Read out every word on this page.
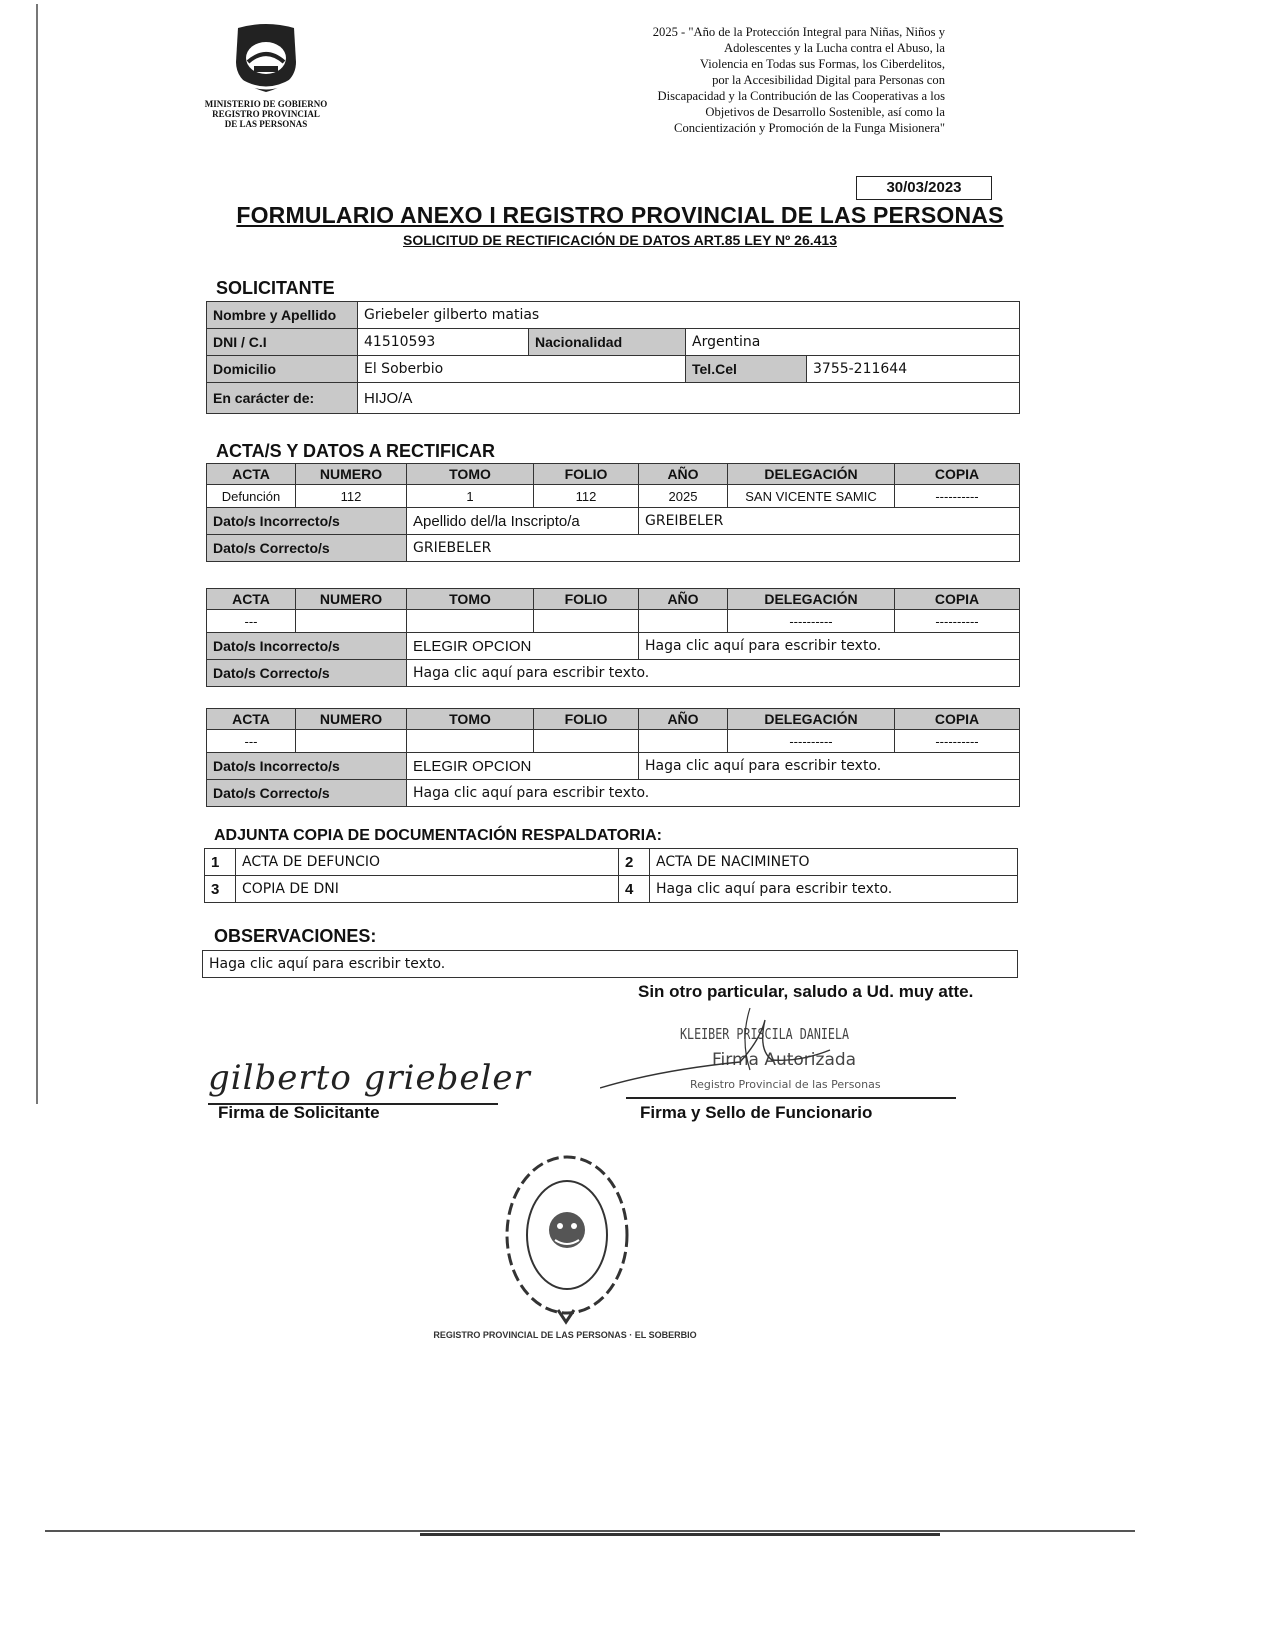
MINISTERIO DE GOBIERNO
REGISTRO PROVINCIAL
DE LAS PERSONAS
2025 - "Año de la Protección Integral para Niñas, Niños y
Adolescentes y la Lucha contra el Abuso, la
Violencia en Todas sus Formas, los Ciberdelitos,
por la Accesibilidad Digital para Personas con
Discapacidad y la Contribución de las Cooperativas a los
Objetivos de Desarrollo Sostenible, así como la
Concientización y Promoción de la Funga Misionera"
30/03/2023
FORMULARIO ANEXO I REGISTRO PROVINCIAL DE LAS PERSONAS
SOLICITUD DE RECTIFICACIÓN DE DATOS ART.85 LEY Nº 26.413
SOLICITANTE
Nombre y Apellido	Griebeler gilberto matias			
DNI / C.I	41510593	Nacionalidad	Argentina	
Domicilio	El Soberbio		Tel.Cel	3755-211644
En carácter de:	HIJO/A			
ACTA/S Y DATOS A RECTIFICAR
ACTA	NUMERO	TOMO	FOLIO	AÑO	DELEGACIÓN	COPIA
Defunción	112	1	112	2025	SAN VICENTE SAMIC	----------
Dato/s Incorrecto/s		Apellido del/la Inscripto/a		GREIBELER		
Dato/s Correcto/s		GRIEBELER				
ACTA	NUMERO	TOMO	FOLIO	AÑO	DELEGACIÓN	COPIA
---					----------	----------
Dato/s Incorrecto/s		ELEGIR OPCION		Haga clic aquí para escribir texto.		
Dato/s Correcto/s		Haga clic aquí para escribir texto.				
ACTA	NUMERO	TOMO	FOLIO	AÑO	DELEGACIÓN	COPIA
---					----------	----------
Dato/s Incorrecto/s		ELEGIR OPCION		Haga clic aquí para escribir texto.		
Dato/s Correcto/s		Haga clic aquí para escribir texto.				
ADJUNTA COPIA DE DOCUMENTACIÓN RESPALDATORIA:
1	ACTA DE DEFUNCIO	2	ACTA DE NACIMINETO
3	COPIA DE DNI	4	Haga clic aquí para escribir texto.
OBSERVACIONES:
Haga clic aquí para escribir texto.
Sin otro particular, saludo a Ud. muy atte.
KLEIBER PRISCILA DANIELA
Firma Autorizada
Registro Provincial de las Personas
gilberto griebeler
Firma de Solicitante	Firma y Sello de Funcionario
REGISTRO PROVINCIAL DE LAS PERSONAS · EL SOBERBIO
